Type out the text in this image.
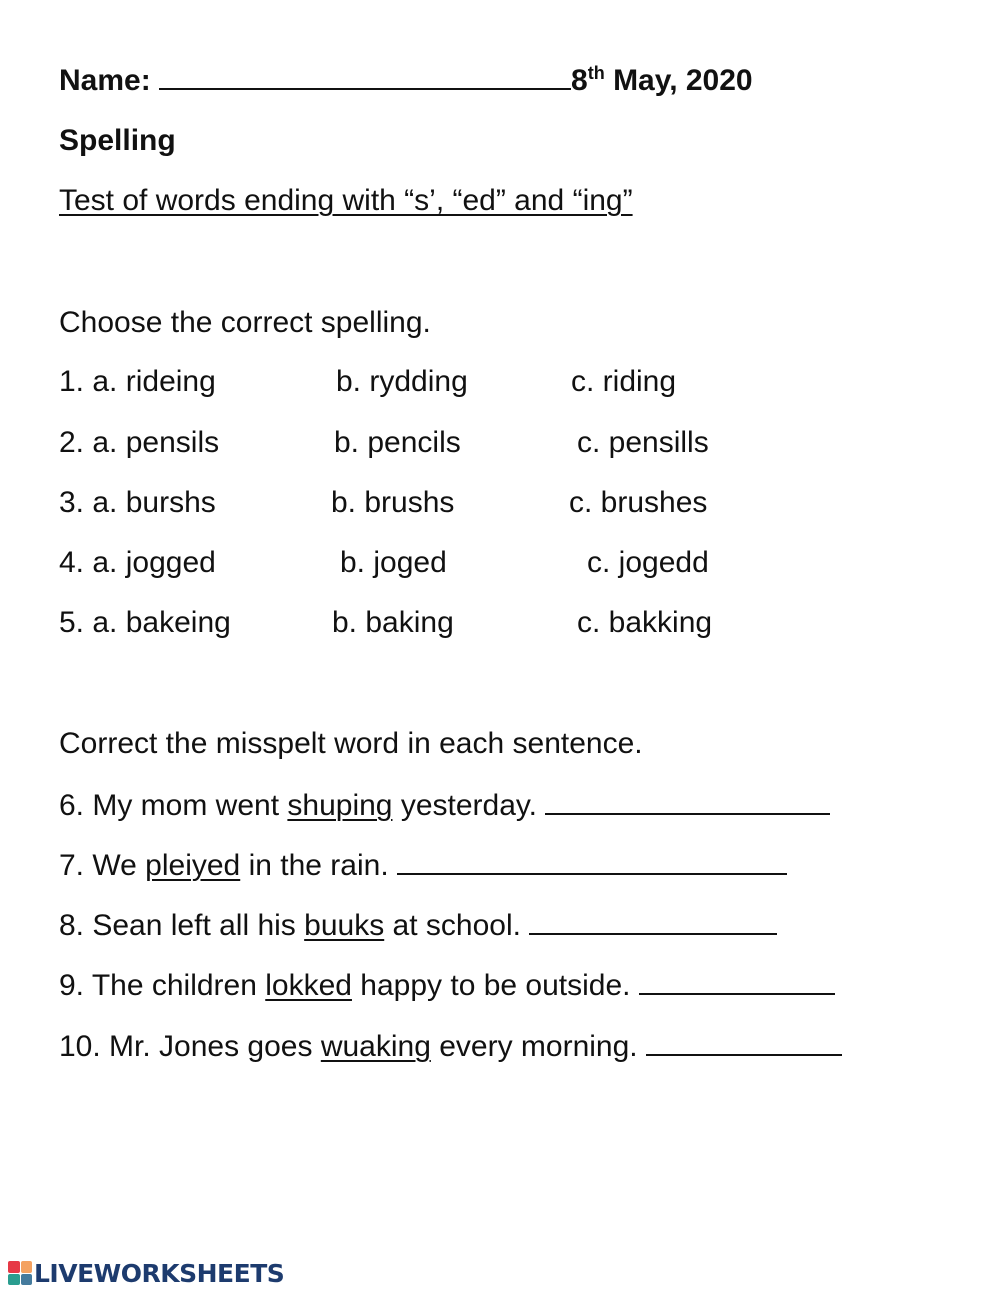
Name:	8th May, 2020
Spelling
Test of words ending with “s’, “ed” and “ing”
Choose the correct spelling.
1. a. rideing	b. rydding	c. riding
2. a. pensils	b. pencils	c. pensills
3. a. burshs	b. brushs	c. brushes
4. a. jogged	b. joged	c. jogedd
5. a. bakeing	b. baking	c. bakking
Correct the misspelt word in each sentence.
6. My mom went shuping yesterday.
7. We pleiyed in the rain.
8. Sean left all his buuks at school.
9. The children lokked happy to be outside.
10. Mr. Jones goes wuaking every morning.
LIVEWORKSHEETS
